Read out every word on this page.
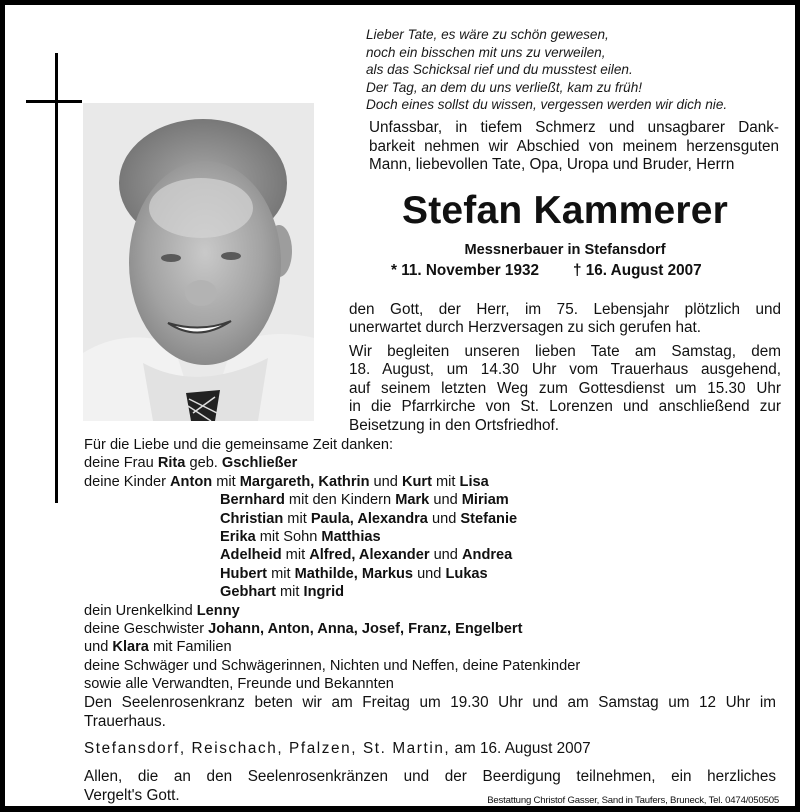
Lieber Tate, es wäre zu schön gewesen,
noch ein bisschen mit uns zu verweilen,
als das Schicksal rief und du musstest eilen.
Der Tag, an dem du uns verließt, kam zu früh!
Doch eines sollst du wissen, vergessen werden wir dich nie.
Unfassbar, in tiefem Schmerz und unsagbarer Dank-
barkeit nehmen wir Abschied von meinem herzensguten
Mann, liebevollen Tate, Opa, Uropa und Bruder, Herrn
Stefan Kammerer
Messnerbauer in Stefansdorf
* 11. November 1932 † 16. August 2007
den Gott, der Herr, im 75. Lebensjahr plötzlich und
unerwartet durch Herzversagen zu sich gerufen hat.
Wir begleiten unseren lieben Tate am Samstag, dem
18. August, um 14.30 Uhr vom Trauerhaus ausgehend,
auf seinem letzten Weg zum Gottesdienst um 15.30 Uhr
in die Pfarrkirche von St. Lorenzen und anschließend zur
Beisetzung in den Ortsfriedhof.
Für die Liebe und die gemeinsame Zeit danken:
deine Frau Rita geb. Gschließer
deine Kinder Anton mit Margareth, Kathrin und Kurt mit Lisa
Bernhard mit den Kindern Mark und Miriam
Christian mit Paula, Alexandra und Stefanie
Erika mit Sohn Matthias
Adelheid mit Alfred, Alexander und Andrea
Hubert mit Mathilde, Markus und Lukas
Gebhart mit Ingrid
dein Urenkelkind Lenny
deine Geschwister Johann, Anton, Anna, Josef, Franz, Engelbert
und Klara mit Familien
deine Schwäger und Schwägerinnen, Nichten und Neffen, deine Patenkinder
sowie alle Verwandten, Freunde und Bekannten
Den Seelenrosenkranz beten wir am Freitag um 19.30 Uhr und am Samstag um 12 Uhr im
Trauerhaus.
Stefansdorf, Reischach, Pfalzen, St. Martin, am 16. August 2007
Allen, die an den Seelenrosenkränzen und der Beerdigung teilnehmen, ein herzliches
Vergelt's Gott.	Bestattung Christof Gasser, Sand in Taufers, Bruneck, Tel. 0474/050505
